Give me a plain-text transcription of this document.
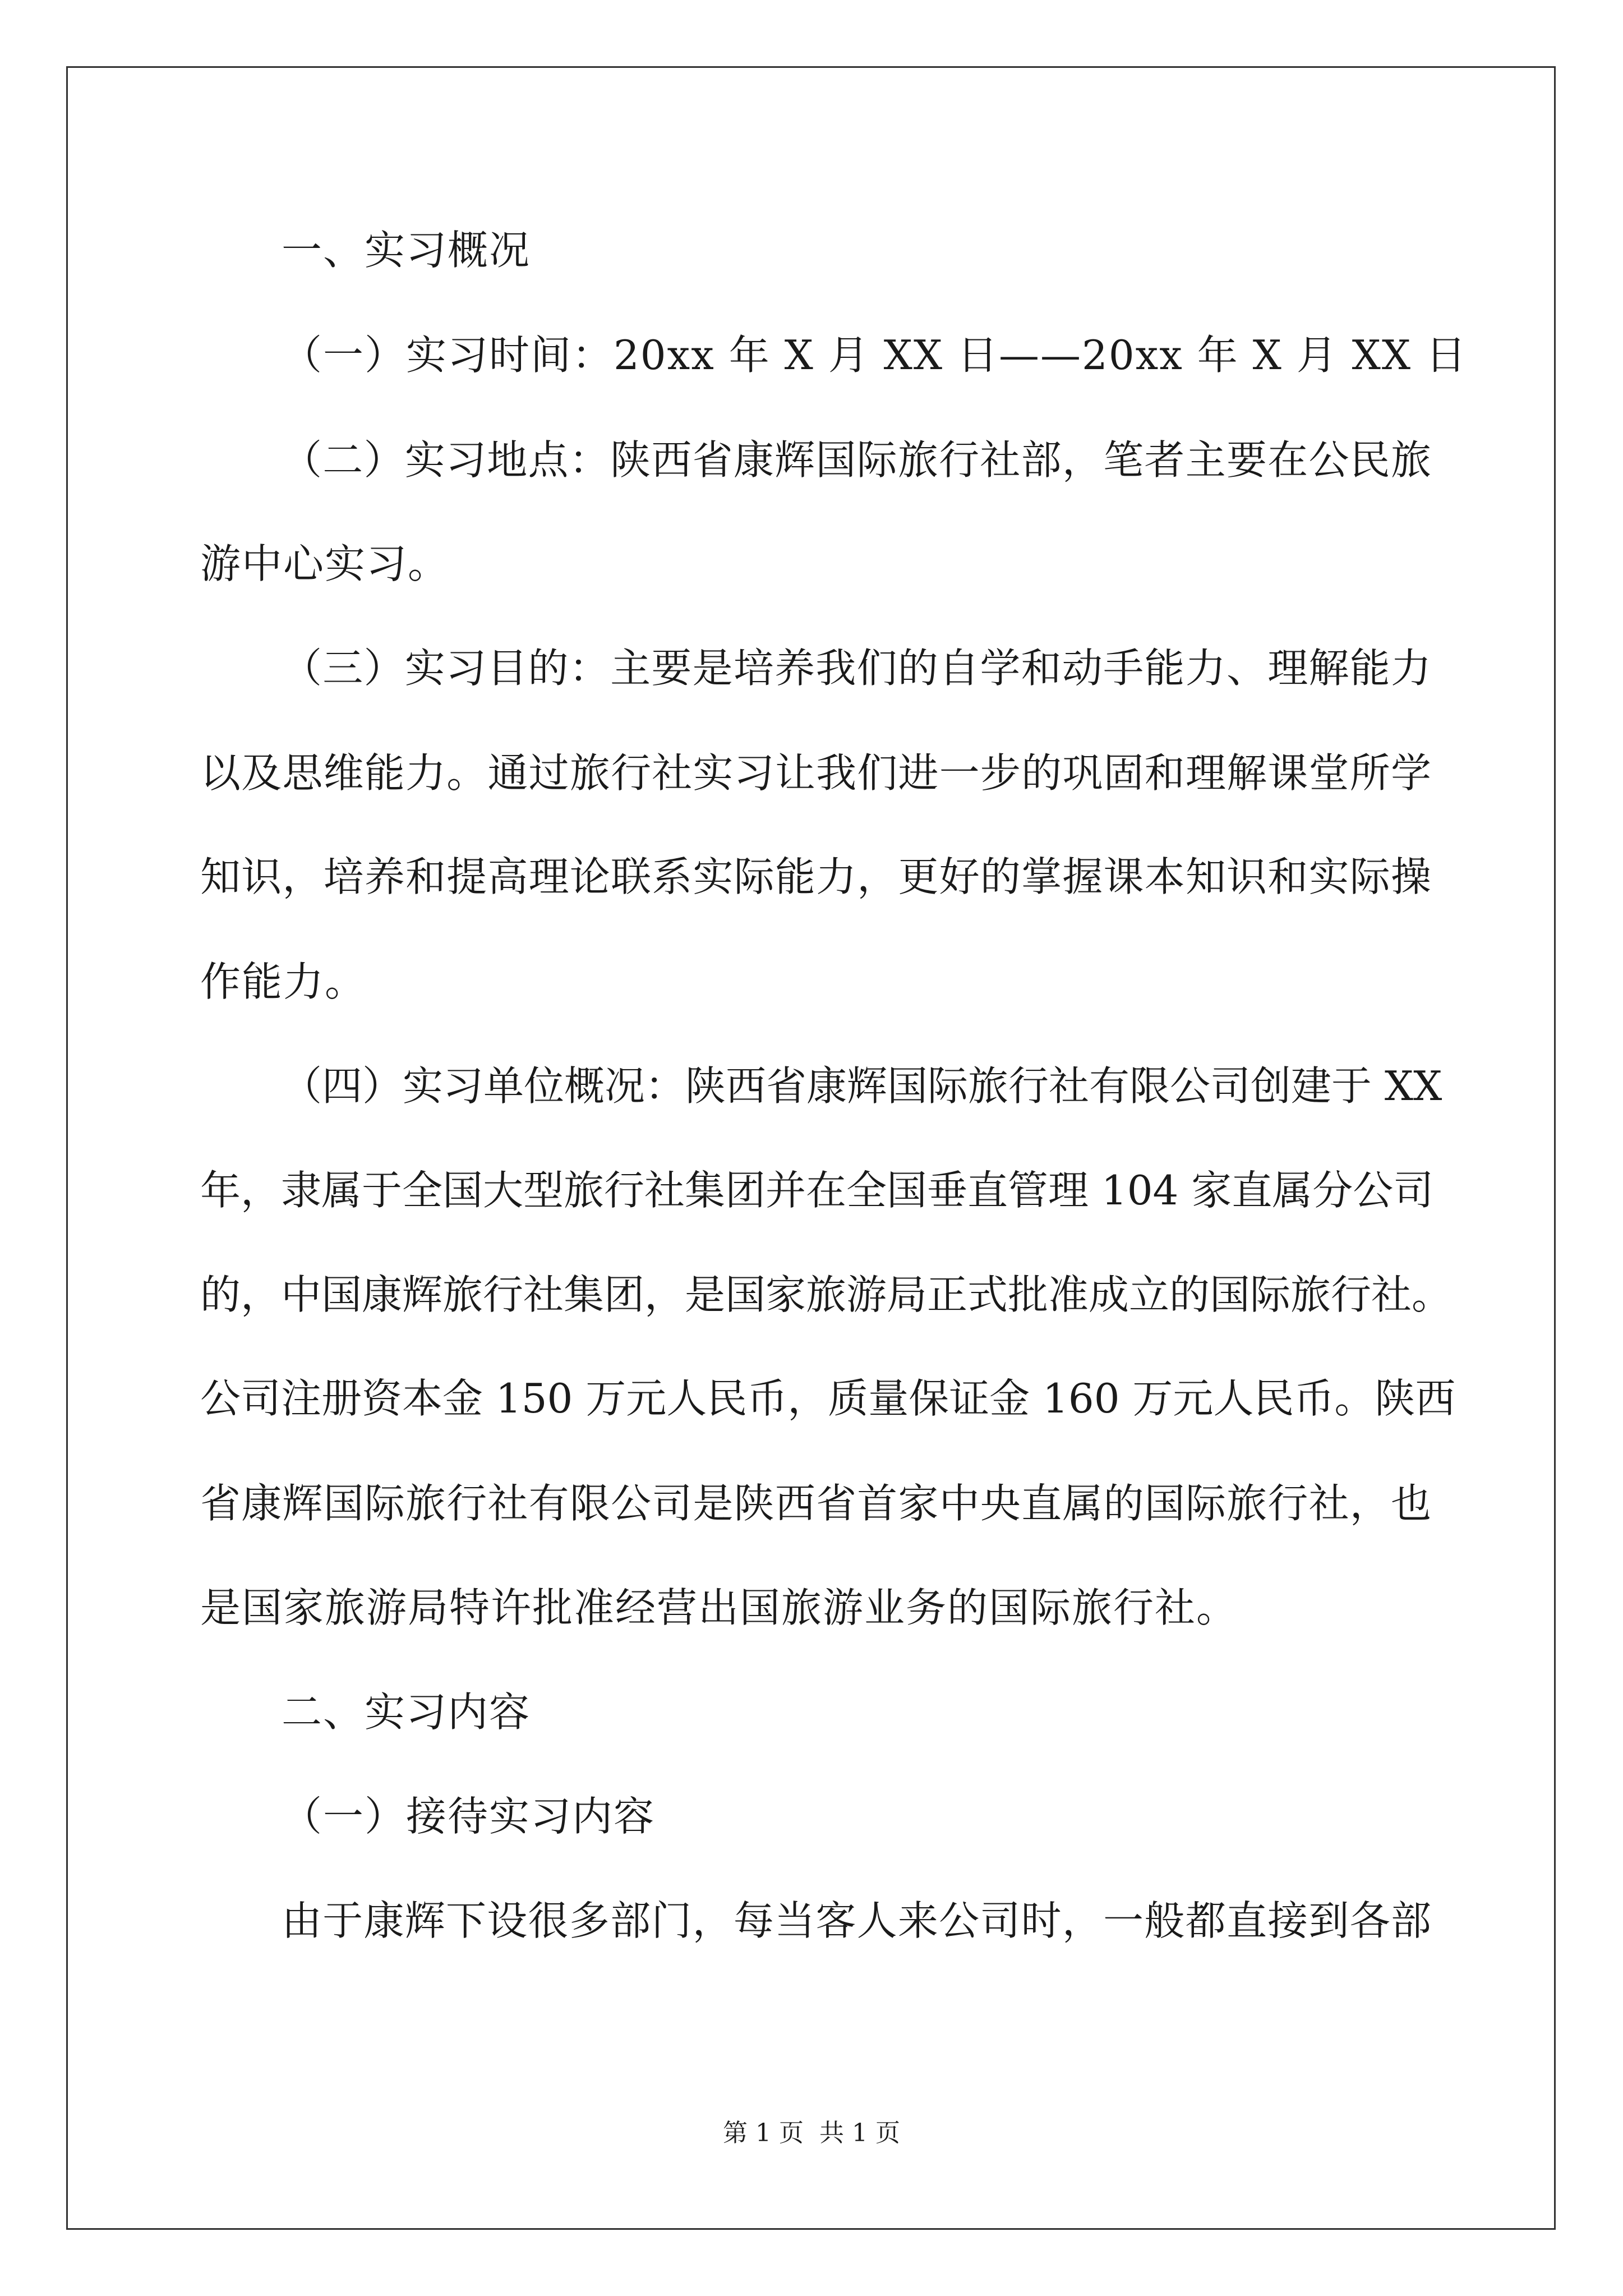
一、实习概况
（一）实习时间：20xx 年 X 月 XX 日——20xx 年 X 月 XX 日
（二）实习地点：陕西省康辉国际旅行社部，笔者主要在公民旅
游中心实习。
（三）实习目的：主要是培养我们的自学和动手能力、理解能力
以及思维能力。通过旅行社实习让我们进一步的巩固和理解课堂所学
知识，培养和提高理论联系实际能力，更好的掌握课本知识和实际操
作能力。
（四）实习单位概况：陕西省康辉国际旅行社有限公司创建于 XX
年，隶属于全国大型旅行社集团并在全国垂直管理 104 家直属分公司
的，中国康辉旅行社集团，是国家旅游局正式批准成立的国际旅行社。
公司注册资本金 150 万元人民币，质量保证金 160 万元人民币。陕西
省康辉国际旅行社有限公司是陕西省首家中央直属的国际旅行社，也
是国家旅游局特许批准经营出国旅游业务的国际旅行社。
二、实习内容
（一）接待实习内容
由于康辉下设很多部门，每当客人来公司时，一般都直接到各部
第 1 页 共 1 页
